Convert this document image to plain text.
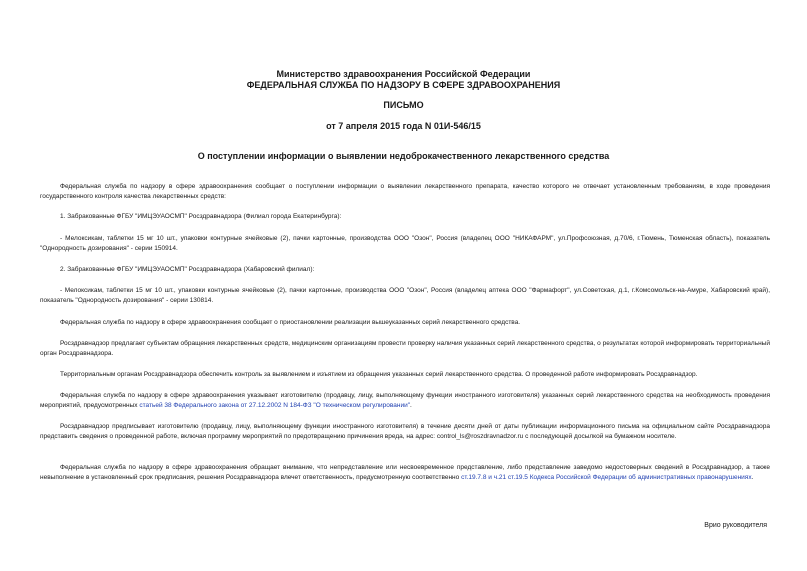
Министерство здравоохранения Российской Федерации
ФЕДЕРАЛЬНАЯ СЛУЖБА ПО НАДЗОРУ В СФЕРЕ ЗДРАВООХРАНЕНИЯ
ПИСЬМО
от 7 апреля 2015 года N 01И-546/15
О поступлении информации о выявлении недоброкачественного лекарственного средства

Федеральная служба по надзору в сфере здравоохранения сообщает о поступлении информации о выявлении лекарственного препарата, качество которого не отвечает установленным требованиям, в ходе проведения государственного контроля качества лекарственных средств:

1. Забракованные ФГБУ "ИМЦЭУАОСМП" Росздравнадзора (Филиал города Екатеринбурга):

- Мелоксикам, таблетки 15 мг 10 шт., упаковки контурные ячейковые (2), пачки картонные, производства ООО "Озон", Россия (владелец ООО "НИКАФАРМ", ул.Профсоюзная, д.70/6, г.Тюмень, Тюменская область), показатель "Однородность дозирования" - серии 150914.

2. Забракованные ФГБУ "ИМЦЭУАОСМП" Росздравнадзора (Хабаровский филиал):

- Мелоксикам, таблетки 15 мг 10 шт., упаковки контурные ячейковые (2), пачки картонные, производства ООО "Озон", Россия (владелец аптека ООО "Фармафорт", ул.Советская, д.1, г.Комсомольск-на-Амуре, Хабаровский край), показатель "Однородность дозирования" - серии 130814.

Федеральная служба по надзору в сфере здравоохранения сообщает о приостановлении реализации вышеуказанных серий лекарственного средства.

Росздравнадзор предлагает субъектам обращения лекарственных средств, медицинским организациям провести проверку наличия указанных серий лекарственного средства, о результатах которой информировать территориальный орган Росздравнадзора.

Территориальным органам Росздравнадзора обеспечить контроль за выявлением и изъятием из обращения указанных серий лекарственного средства. О проведенной работе информировать Росздравнадзор.

Федеральная служба по надзору в сфере здравоохранения указывает изготовителю (продавцу, лицу, выполняющему функции иностранного изготовителя) указанных серий лекарственного средства на необходимость проведения мероприятий, предусмотренных статьей 38 Федерального закона от 27.12.2002 N 184-ФЗ "О техническом регулировании".

Росздравнадзор предписывает изготовителю (продавцу, лицу, выполняющему функции иностранного изготовителя) в течение десяти дней от даты публикации информационного письма на официальном сайте Росздравнадзора представить сведения о проведенной работе, включая программу мероприятий по предотвращению причинения вреда, на адрес: control_ls@roszdravnadzor.ru с последующей досылкой на бумажном носителе.

Федеральная служба по надзору в сфере здравоохранения обращает внимание, что непредставление или несвоевременное представление, либо представление заведомо недостоверных сведений в Росздравнадзор, а также невыполнение в установленный срок предписания, решения Росздравнадзора влечет ответственность, предусмотренную соответственно ст.19.7.8 и ч.21 ст.19.5 Кодекса Российской Федерации об административных правонарушениях.

Врио руководителя
